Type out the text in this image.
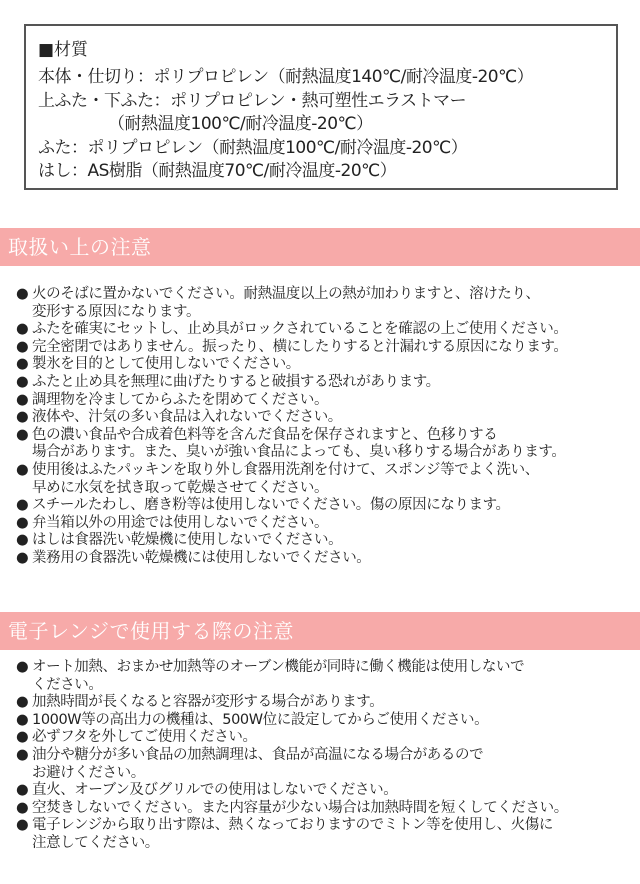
■材質
本体・仕切り：ポリプロピレン（耐熱温度140℃/耐冷温度-20℃）
上ふた・下ふた：ポリプロピレン・熱可塑性エラストマー
（耐熱温度100℃/耐冷温度-20℃）
ふた：ポリプロピレン（耐熱温度100℃/耐冷温度-20℃）
はし：AS樹脂（耐熱温度70℃/耐冷温度-20℃）
取扱い上の注意
● 火のそばに置かないでください。耐熱温度以上の熱が加わりますと、溶けたり、
変形する原因になります。
● ふたを確実にセットし、止め具がロックされていることを確認の上ご使用ください。
● 完全密閉ではありません。振ったり、横にしたりすると汁漏れする原因になります。
● 製氷を目的として使用しないでください。
● ふたと止め具を無理に曲げたりすると破損する恐れがあります。
● 調理物を冷ましてからふたを閉めてください。
● 液体や、汁気の多い食品は入れないでください。
● 色の濃い食品や合成着色料等を含んだ食品を保存されますと、色移りする
場合があります。また、臭いが強い食品によっても、臭い移りする場合があります。
● 使用後はふたパッキンを取り外し食器用洗剤を付けて、スポンジ等でよく洗い、
早めに水気を拭き取って乾燥させてください。
● スチールたわし、磨き粉等は使用しないでください。傷の原因になります。
● 弁当箱以外の用途では使用しないでください。
● はしは食器洗い乾燥機に使用しないでください。
● 業務用の食器洗い乾燥機には使用しないでください。
電子レンジで使用する際の注意
● オート加熱、おまかせ加熱等のオーブン機能が同時に働く機能は使用しないで
ください。
● 加熱時間が長くなると容器が変形する場合があります。
● 1000W等の高出力の機種は、500W位に設定してからご使用ください。
● 必ずフタを外してご使用ください。
● 油分や糖分が多い食品の加熱調理は、食品が高温になる場合があるので
お避けください。
● 直火、オーブン及びグリルでの使用はしないでください。
● 空焚きしないでください。また内容量が少ない場合は加熱時間を短くしてください。
● 電子レンジから取り出す際は、熱くなっておりますのでミトン等を使用し、火傷に
注意してください。
